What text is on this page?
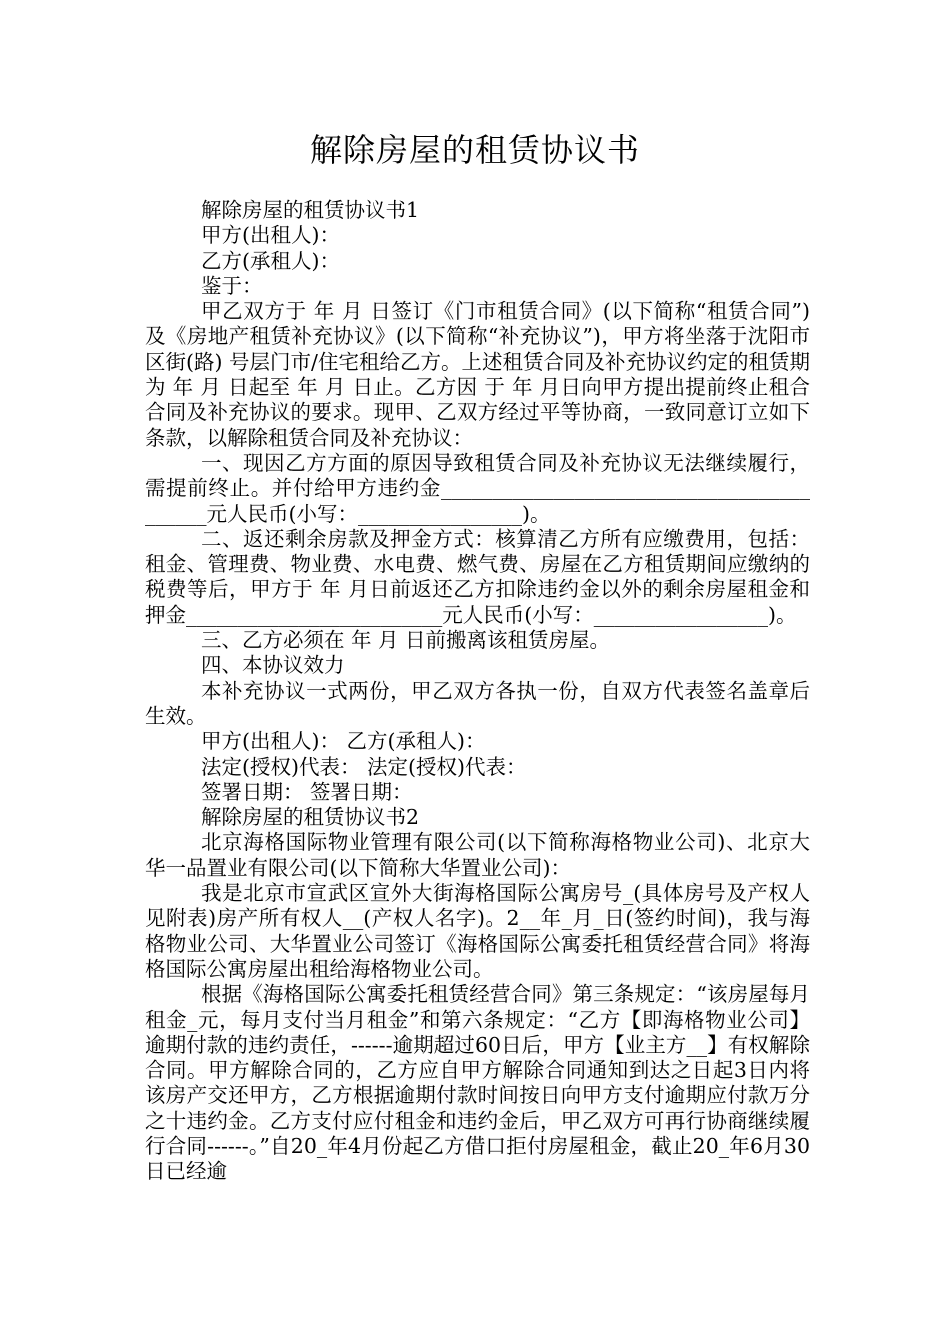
解除房屋的租赁协议书

解除房屋的租赁协议书1

甲方(出租人)：

乙方(承租人)：

鉴于：

甲乙双方于 年 月 日签订《门市租赁合同》(以下简称“租赁合同”)及《房地产租赁补充协议》(以下简称“补充协议”)，甲方将坐落于沈阳市 区街(路) 号层门市/住宅租给乙方。上述租赁合同及补充协议约定的租赁期为 年 月 日起至 年 月 日止。乙方因 于 年 月日向甲方提出提前终止租合合同及补充协议的要求。现甲、乙双方经过平等协商，一致同意订立如下条款，以解除租赁合同及补充协议：

一、现因乙方方面的原因导致租赁合同及补充协议无法继续履行，需提前终止。并付给甲方违约金__________________________________________元人民币(小写：________________)。

二、返还剩余房款及押金方式：核算清乙方所有应缴费用，包括：租金、管理费、物业费、水电费、燃气费、房屋在乙方租赁期间应缴纳的税费等后，甲方于 年 月日前返还乙方扣除违约金以外的剩余房屋租金和押金_________________________元人民币(小写：_________________)。

三、乙方必须在 年 月 日前搬离该租赁房屋。

四、本协议效力

本补充协议一式两份，甲乙双方各执一份，自双方代表签名盖章后生效。

甲方(出租人)： 乙方(承租人)：

法定(授权)代表： 法定(授权)代表：

签署日期： 签署日期：

解除房屋的租赁协议书2

北京海格国际物业管理有限公司(以下简称海格物业公司)、北京大华一品置业有限公司(以下简称大华置业公司)：

我是北京市宣武区宣外大街海格国际公寓房号_(具体房号及产权人见附表)房产所有权人__(产权人名字)。2__年_月_日(签约时间)，我与海格物业公司、大华置业公司签订《海格国际公寓委托租赁经营合同》将海格国际公寓房屋出租给海格物业公司。

根据《海格国际公寓委托租赁经营合同》第三条规定：“该房屋每月租金_元，每月支付当月租金”和第六条规定：“乙方【即海格物业公司】逾期付款的违约责任，------逾期超过60日后，甲方【业主方__】有权解除合同。甲方解除合同的，乙方应自甲方解除合同通知到达之日起3日内将该房产交还甲方，乙方根据逾期付款时间按日向甲方支付逾期应付款万分之十违约金。乙方支付应付租金和违约金后，甲乙双方可再行协商继续履行合同------。”自20_年4月份起乙方借口拒付房屋租金，截止20_年6月30日已经逾
